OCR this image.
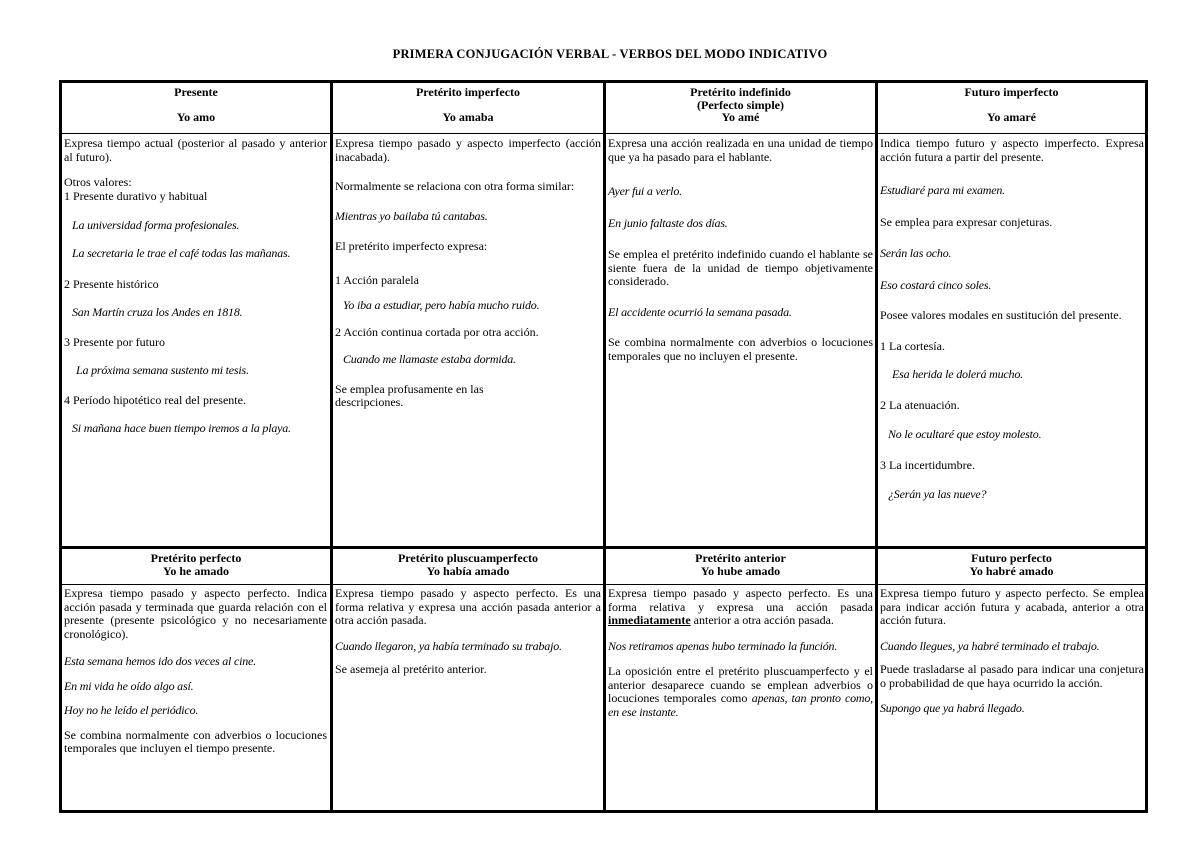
PRIMERA CONJUGACIÓN VERBAL - VERBOS DEL MODO INDICATIVO
Presente
Yo amo
Pretérito imperfecto
Yo amaba
Pretérito indefinido
(Perfecto simple)
Yo amé
Futuro imperfecto
Yo amaré

Expresa tiempo actual (posterior al pasado y anterior al futuro).

Otros valores:
1 Presente durativo y habitual

La universidad forma profesionales.

La secretaria le trae el café todas las mañanas.

2 Presente histórico

San Martín cruza los Andes en 1818.

3 Presente por futuro

La próxima semana sustento mi tesis.

4 Período hipotético real del presente.

Si mañana hace buen tiempo iremos a la playa.

Expresa tiempo pasado y aspecto imperfecto (acción inacabada).

Normalmente se relaciona con otra forma similar:

Mientras yo bailaba tú cantabas.

El pretérito imperfecto expresa:

1 Acción paralela

Yo iba a estudiar, pero había mucho ruido.

2 Acción continua cortada por otra acción.

Cuando me llamaste estaba dormida.

Se emplea profusamente en las descripciones.

Expresa una acción realizada en una unidad de tiempo que ya ha pasado para el hablante.

Ayer fui a verlo.

En junio faltaste dos días.

Se emplea el pretérito indefinido cuando el hablante se siente fuera de la unidad de tiempo objetivamente considerado.

El accidente ocurrió la semana pasada.

Se combina normalmente con adverbios o locuciones temporales que no incluyen el presente.

Indica tiempo futuro y aspecto imperfecto. Expresa acción futura a partir del presente.

Estudiaré para mi examen.

Se emplea para expresar conjeturas.

Serán las ocho.

Eso costará cinco soles.

Posee valores modales en sustitución del presente.

1 La cortesía.

Esa herida le dolerá mucho.

2 La atenuación.

No le ocultaré que estoy molesto.

3 La incertidumbre.

¿Serán ya las nueve?

Pretérito perfecto
Yo he amado
Pretérito pluscuamperfecto
Yo había amado
Pretérito anterior
Yo hube amado
Futuro perfecto
Yo habré amado

Expresa tiempo pasado y aspecto perfecto. Indica acción pasada y terminada que guarda relación con el presente (presente psicológico y no necesariamente cronológico).

Esta semana hemos ido dos veces al cine.

En mi vida he oído algo así.

Hoy no he leído el periódico.

Se combina normalmente con adverbios o locuciones temporales que incluyen el tiempo presente.

Expresa tiempo pasado y aspecto perfecto. Es una forma relativa y expresa una acción pasada anterior a otra acción pasada.

Cuando llegaron, ya había terminado su trabajo.

Se asemeja al pretérito anterior.

Expresa tiempo pasado y aspecto perfecto. Es una forma relativa y expresa una acción pasada inmediatamente anterior a otra acción pasada.

Nos retiramos apenas hubo terminado la función.

La oposición entre el pretérito pluscuamperfecto y el anterior desaparece cuando se emplean adverbios o locuciones temporales como apenas, tan pronto como, en ese instante.

Expresa tiempo futuro y aspecto perfecto. Se emplea para indicar acción futura y acabada, anterior a otra acción futura.

Cuando llegues, ya habré terminado el trabajo.

Puede trasladarse al pasado para indicar una conjetura o probabilidad de que haya ocurrido la acción.

Supongo que ya habrá llegado.
